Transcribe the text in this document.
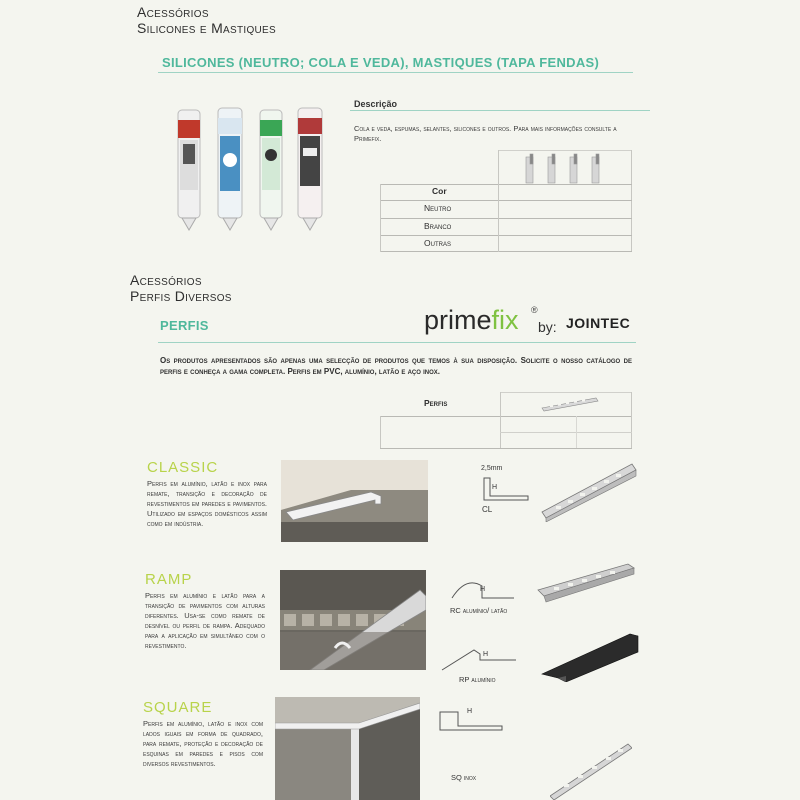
Acessórios
Silicones e Mastiques
SILICONES (NEUTRO; COLA E VEDA), MASTIQUES (TAPA FENDAS)
Descrição
Cola e veda, espumas, selantes, silicones e outros. Para mais informações consulte a Primefix.
Cor
Neutro
Branco
Outras
Acessórios
Perfis Diversos
PERFIS	primefix ®
by: JOINTEC
Os produtos apresentados são apenas uma selecção de produtos que temos à sua disposição. Solicite o nosso catálogo de perfis e conheça a gama completa. Perfis em PVC, alumínio, latão e aço inox.
Perfis
CLASSIC
Perfis em alumínio, latão e inox para remate, transição e decoração de revestimentos em paredes e pavimentos. Utilizado em espaços domésticos assim como em indústria.
2,5mm
H
CL
RAMP
Perfis em alumínio e latão para a transição de pavimentos com alturas diferentes. Usa-se como remate de desnível ou perfil de rampa. Adequado para a aplicação em simultâneo com o revestimento.
H
RC alumínio/ latão
H
RP alumínio
SQUARE
Perfis em alumínio, latão e inox com lados iguais em forma de quadrado, para remate, proteção e decoração de esquinas em paredes e pisos com diversos revestimentos.
H
SQ inox
